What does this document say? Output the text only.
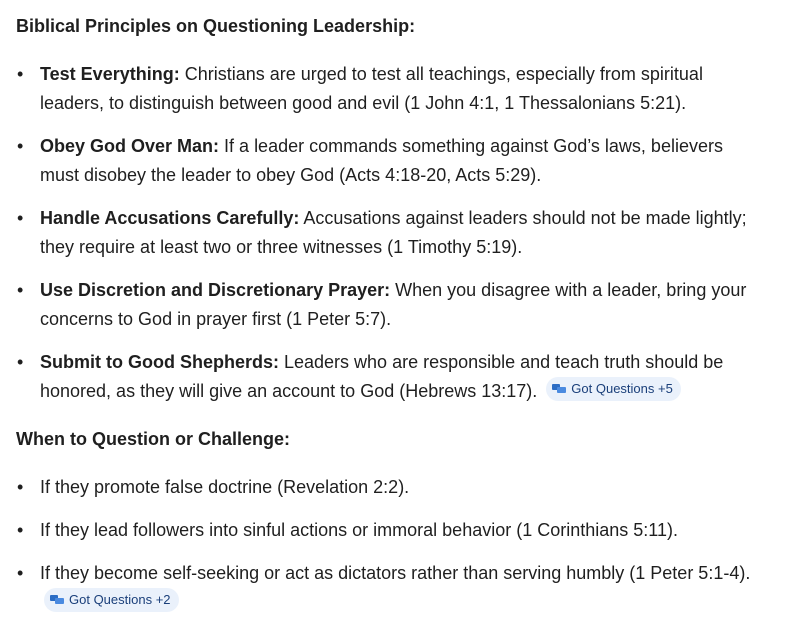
Biblical Principles on Questioning Leadership:
• Test Everything: Christians are urged to test all teachings, especially from spiritual leaders, to distinguish between good and evil (1 John 4:1, 1 Thessalonians 5:21).
• Obey God Over Man: If a leader commands something against God’s laws, believers must disobey the leader to obey God (Acts 4:18-20, Acts 5:29).
• Handle Accusations Carefully: Accusations against leaders should not be made lightly; they require at least two or three witnesses (1 Timothy 5:19).
• Use Discretion and Discretionary Prayer: When you disagree with a leader, bring your concerns to God in prayer first (1 Peter 5:7).
• Submit to Good Shepherds: Leaders who are responsible and teach truth should be honored, as they will give an account to God (Hebrews 13:17).	Got Questions +5
When to Question or Challenge:
• If they promote false doctrine (Revelation 2:2).
• If they lead followers into sinful actions or immoral behavior (1 Corinthians 5:11).
• If they become self-seeking or act as dictators rather than serving humbly (1 Peter 5:1-4).
Got Questions +2
